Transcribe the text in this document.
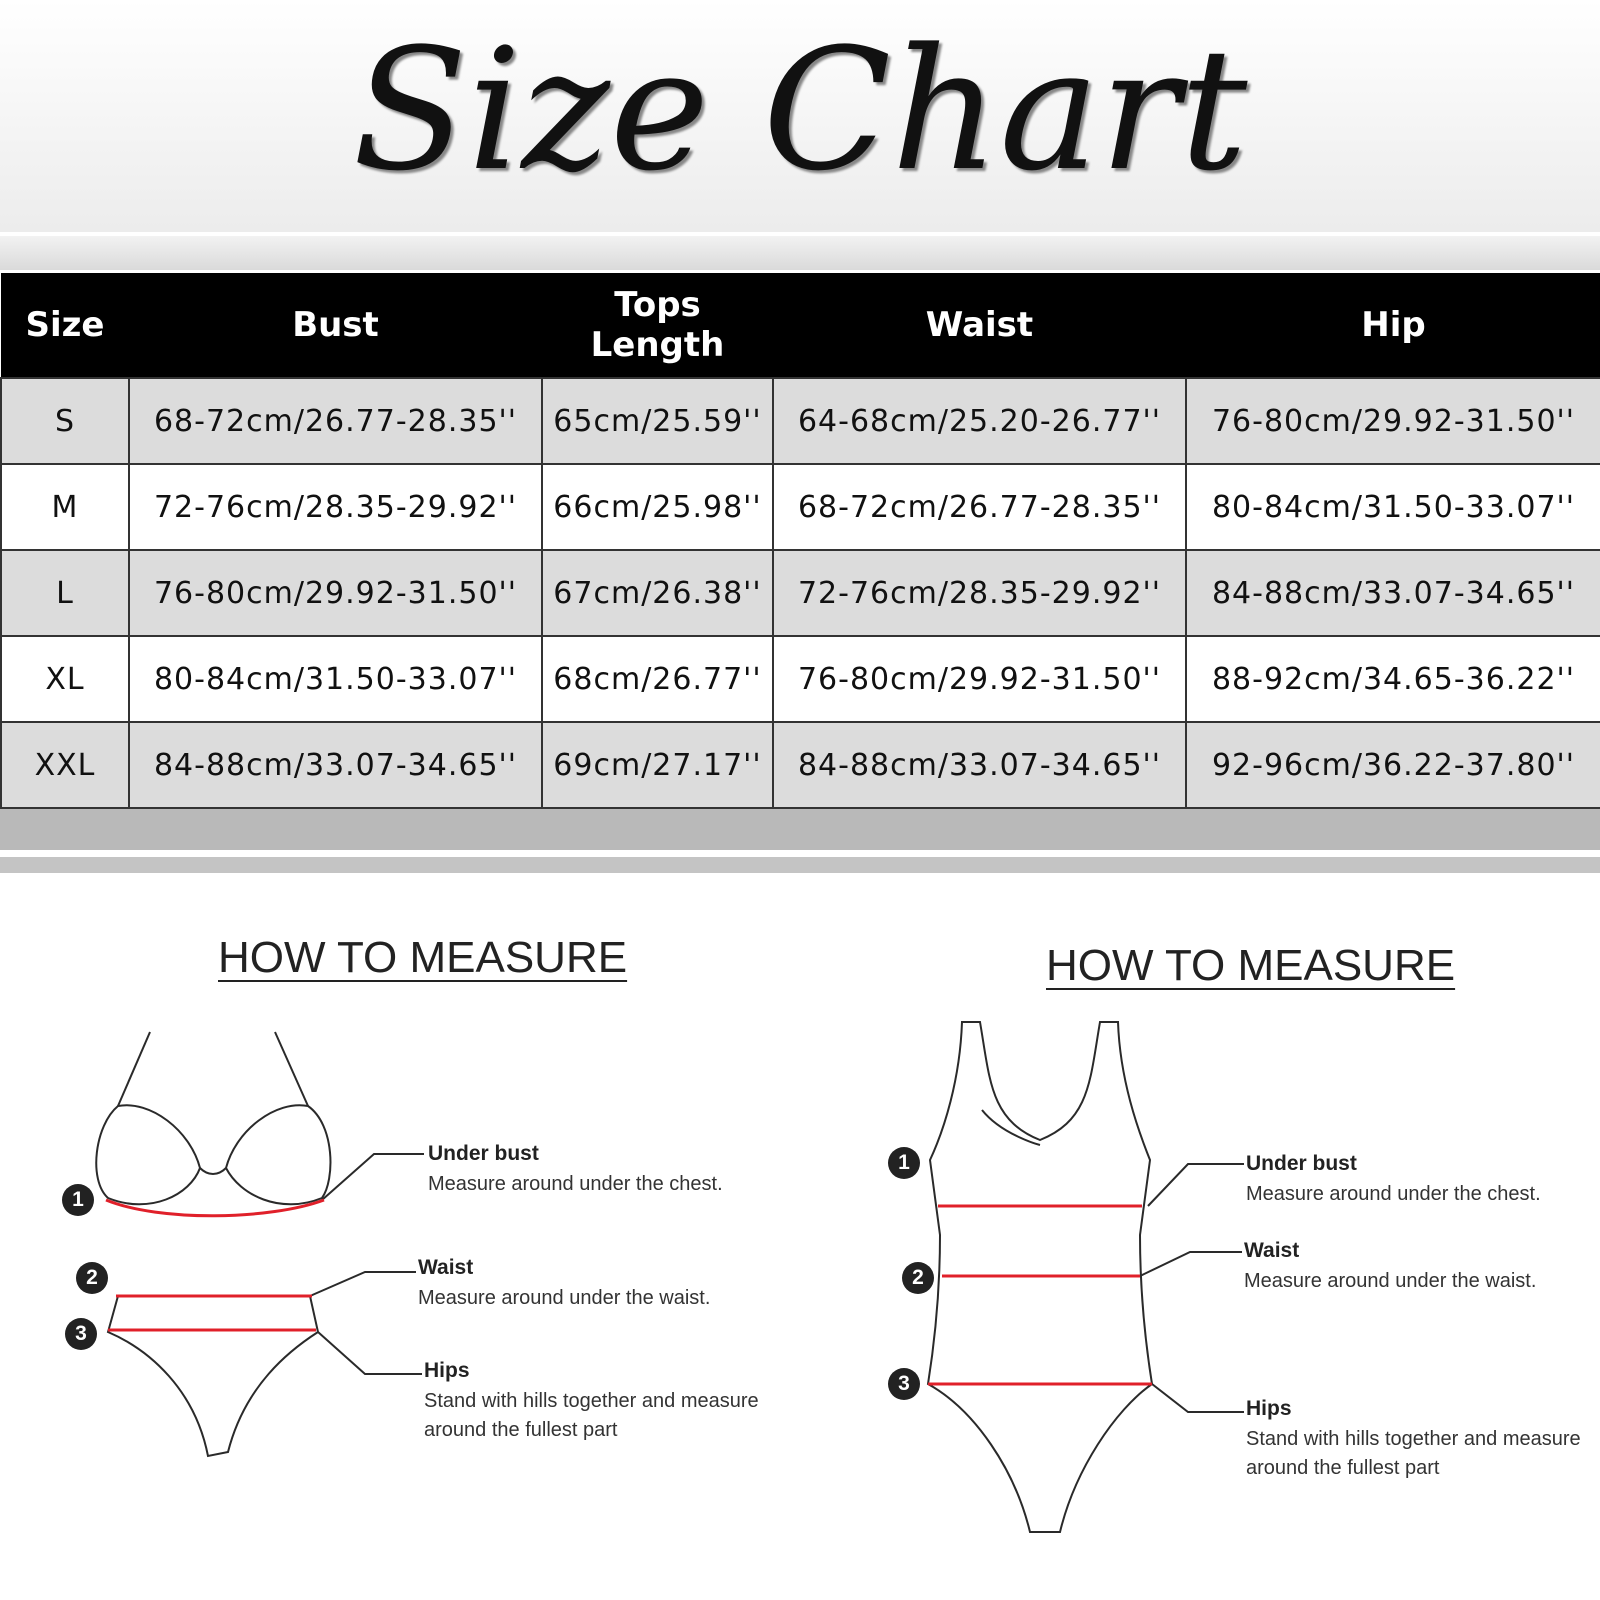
Size Chart
Size	Bust	Tops Length	Waist	Hip
S	68-72cm/26.77-28.35''	65cm/25.59''	64-68cm/25.20-26.77''	76-80cm/29.92-31.50''
M	72-76cm/28.35-29.92''	66cm/25.98''	68-72cm/26.77-28.35''	80-84cm/31.50-33.07''
L	76-80cm/29.92-31.50''	67cm/26.38''	72-76cm/28.35-29.92''	84-88cm/33.07-34.65''
XL	80-84cm/31.50-33.07''	68cm/26.77''	76-80cm/29.92-31.50''	88-92cm/34.65-36.22''
XXL	84-88cm/33.07-34.65''	69cm/27.17''	84-88cm/33.07-34.65''	92-96cm/36.22-37.80''
HOW TO MEASURE
1
2
3
Under bust
Measure around under the chest.
Waist
Measure around under the waist.
Hips
Stand with hills together and measure
around the fullest part
HOW TO MEASURE
1
2
3
Under bust
Measure around under the chest.
Waist
Measure around under the waist.
Hips
Stand with hills together and measure
around the fullest part
